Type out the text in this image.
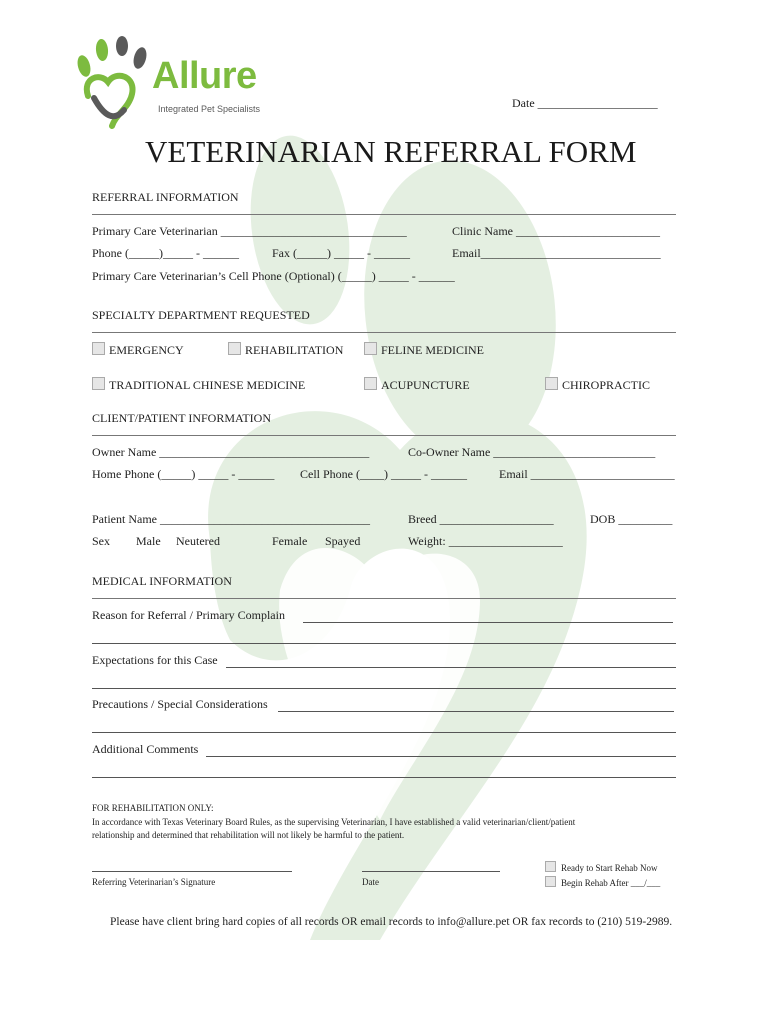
Allure
Integrated Pet Specialists	Date ____________________
VETERINARIAN REFERRAL FORM
REFERRAL INFORMATION
Primary Care Veterinarian _______________________________	Clinic Name ________________________
Phone (_____)_____ - ______	Fax (_____) _____ - ______	Email______________________________
Primary Care Veterinarian’s Cell Phone (Optional) (_____) _____ - ______
SPECIALTY DEPARTMENT REQUESTED
EMERGENCY	REHABILITATION	FELINE MEDICINE
TRADITIONAL CHINESE MEDICINE	ACUPUNCTURE	CHIROPRACTIC
CLIENT/PATIENT INFORMATION
Owner Name ___________________________________	Co-Owner Name ___________________________
Home Phone (_____) _____ - ______ Cell Phone (____) _____ - ______	Email ________________________
Patient Name ___________________________________	Breed ___________________	DOB _________
Sex Male Neutered	Female Spayed	Weight: ___________________
MEDICAL INFORMATION
Reason for Referral / Primary Complain
Expectations for this Case
Precautions / Special Considerations
Additional Comments
FOR REHABILITATION ONLY:
In accordance with Texas Veterinary Board Rules, as the supervising Veterinarian, I have established a valid veterinarian/client/patient
relationship and determined that rehabilitation will not likely be harmful to the patient.
Referring Veterinarian’s Signature	Date
Ready to Start Rehab Now
Begin Rehab After ___/___
Please have client bring hard copies of all records OR email records to info@allure.pet OR fax records to (210) 519-2989.
